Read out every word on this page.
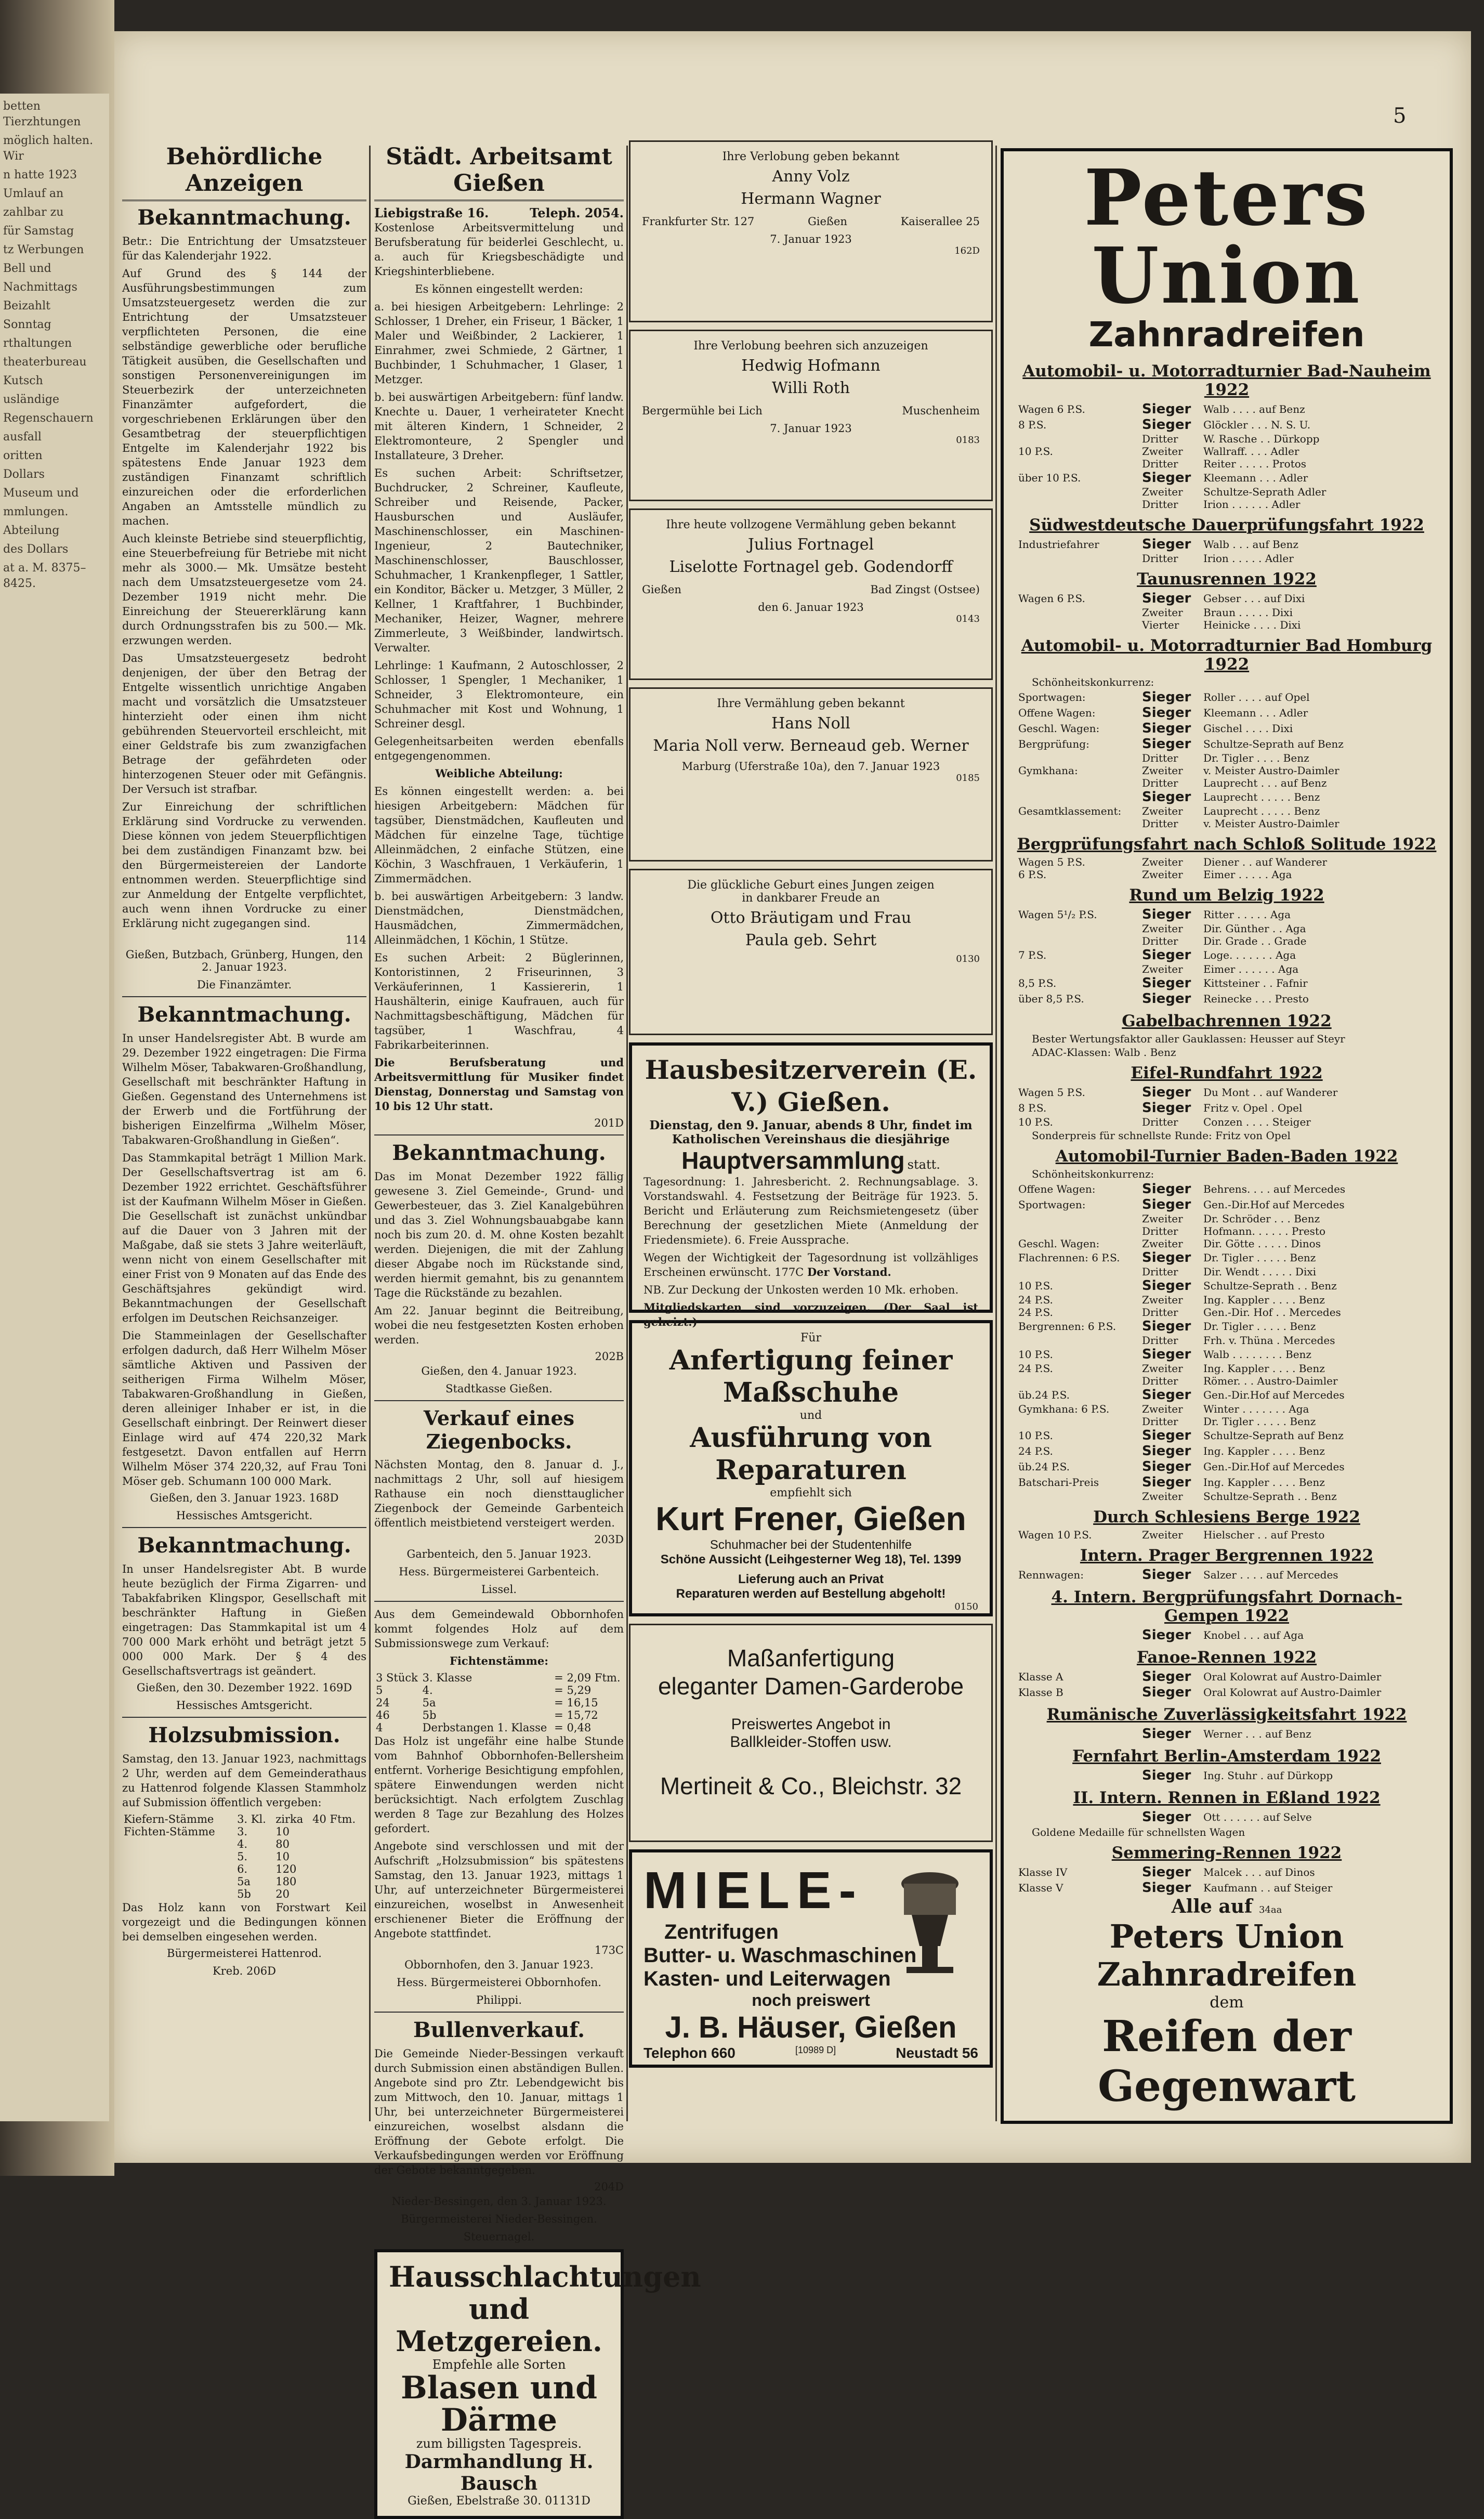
betten Tierzhtungen

möglich halten. Wir

n hatte 1923

Umlauf an

zahlbar zu

für Samstag

tz Werbungen

Bell und

Nachmittags

Beizahlt

Sonntag

rthaltungen

theaterbureau

Kutsch

usländige

Regenschauern

ausfall

oritten

Dollars

Museum und

mmlungen.

Abteilung

des Dollars

at a. M. 8375–8425.

5
Behördliche Anzeigen
Bekanntmachung.

Betr.: Die Entrichtung der Umsatzsteuer für das Kalenderjahr 1922.

Auf Grund des § 144 der Ausführungsbestimmungen zum Umsatzsteuergesetz werden die zur Entrichtung der Umsatzsteuer verpflichteten Personen, die eine selbständige gewerbliche oder berufliche Tätigkeit ausüben, die Gesellschaften und sonstigen Personenvereinigungen im Steuerbezirk der unterzeichneten Finanzämter aufgefordert, die vorgeschriebenen Erklärungen über den Gesamtbetrag der steuerpflichtigen Entgelte im Kalenderjahr 1922 bis spätestens Ende Januar 1923 dem zuständigen Finanzamt schriftlich einzureichen oder die erforderlichen Angaben an Amtsstelle mündlich zu machen.

Auch kleinste Betriebe sind steuerpflichtig, eine Steuerbefreiung für Betriebe mit nicht mehr als 3000.— Mk. Umsätze besteht nach dem Umsatzsteuergesetze vom 24. Dezember 1919 nicht mehr. Die Einreichung der Steuererklärung kann durch Ordnungsstrafen bis zu 500.— Mk. erzwungen werden.

Das Umsatzsteuergesetz bedroht denjenigen, der über den Betrag der Entgelte wissentlich unrichtige Angaben macht und vorsätzlich die Umsatzsteuer hinterzieht oder einen ihm nicht gebührenden Steuervorteil erschleicht, mit einer Geldstrafe bis zum zwanzigfachen Betrage der gefährdeten oder hinterzogenen Steuer oder mit Gefängnis. Der Versuch ist strafbar.

Zur Einreichung der schriftlichen Erklärung sind Vordrucke zu verwenden. Diese können von jedem Steuerpflichtigen bei dem zuständigen Finanzamt bzw. bei den Bürgermeistereien der Landorte entnommen werden. Steuerpflichtige sind zur Anmeldung der Entgelte verpflichtet, auch wenn ihnen Vordrucke zu einer Erklärung nicht zugegangen sind.

114
Gießen, Butzbach, Grünberg, Hungen, den 2. Januar 1923.
Die Finanzämter.
Bekanntmachung.

In unser Handelsregister Abt. B wurde am 29. Dezember 1922 eingetragen: Die Firma Wilhelm Möser, Tabakwaren-Großhandlung, Gesellschaft mit beschränkter Haftung in Gießen. Gegenstand des Unternehmens ist der Erwerb und die Fortführung der bisherigen Einzelfirma „Wilhelm Möser, Tabakwaren-Großhandlung in Gießen“.

Das Stammkapital beträgt 1 Million Mark. Der Gesellschaftsvertrag ist am 6. Dezember 1922 errichtet. Geschäftsführer ist der Kaufmann Wilhelm Möser in Gießen. Die Gesellschaft ist zunächst unkündbar auf die Dauer von 3 Jahren mit der Maßgabe, daß sie stets 3 Jahre weiterläuft, wenn nicht von einem Gesellschafter mit einer Frist von 9 Monaten auf das Ende des Geschäftsjahres gekündigt wird. Bekanntmachungen der Gesellschaft erfolgen im Deutschen Reichsanzeiger.

Die Stammeinlagen der Gesellschafter erfolgen dadurch, daß Herr Wilhelm Möser sämtliche Aktiven und Passiven der seitherigen Firma Wilhelm Möser, Tabakwaren-Großhandlung in Gießen, deren alleiniger Inhaber er ist, in die Gesellschaft einbringt. Der Reinwert dieser Einlage wird auf 474 220,32 Mark festgesetzt. Davon entfallen auf Herrn Wilhelm Möser 374 220,32, auf Frau Toni Möser geb. Schumann 100 000 Mark.

Gießen, den 3. Januar 1923. 168D
Hessisches Amtsgericht.
Bekanntmachung.

In unser Handelsregister Abt. B wurde heute bezüglich der Firma Zigarren- und Tabakfabriken Klingspor, Gesellschaft mit beschränkter Haftung in Gießen eingetragen: Das Stammkapital ist um 4 700 000 Mark erhöht und beträgt jetzt 5 000 000 Mark. Der § 4 des Gesellschaftsvertrags ist geändert.

Gießen, den 30. Dezember 1922. 169D
Hessisches Amtsgericht.
Holzsubmission.

Samstag, den 13. Januar 1923, nachmittags 2 Uhr, werden auf dem Gemeinderathaus zu Hattenrod folgende Klassen Stammholz auf Submission öffentlich vergeben:

Kiefern-Stämme	3. Kl.	zirka	40 Ftm.
Fichten-Stämme	3.	10	
	4.	80	
	5.	10	
	6.	120	
	5a	180	
	5b	20	

Das Holz kann von Forstwart Keil vorgezeigt und die Bedingungen können bei demselben eingesehen werden.

Bürgermeisterei Hattenrod.
Kreb. 206D
Städt. Arbeitsamt Gießen
Liebigstraße 16.	Teleph. 2054.

Kostenlose Arbeitsvermittelung und Berufsberatung für beiderlei Geschlecht, u. a. auch für Kriegsbeschädigte und Kriegshinterbliebene.

Es können eingestellt werden:

a. bei hiesigen Arbeitgebern: Lehrlinge: 2 Schlosser, 1 Dreher, ein Friseur, 1 Bäcker, 1 Maler und Weißbinder, 2 Lackierer, 1 Einrahmer, zwei Schmiede, 2 Gärtner, 1 Buchbinder, 1 Schuhmacher, 1 Glaser, 1 Metzger.

b. bei auswärtigen Arbeitgebern: fünf landw. Knechte u. Dauer, 1 verheirateter Knecht mit älteren Kindern, 1 Schneider, 2 Elektromonteure, 2 Spengler und Installateure, 3 Dreher.

Es suchen Arbeit: Schriftsetzer, Buchdrucker, 2 Schreiner, Kaufleute, Schreiber und Reisende, Packer, Hausburschen und Ausläufer, Maschinenschlosser, ein Maschinen-Ingenieur, 2 Bautechniker, Maschinenschlosser, Bauschlosser, Schuhmacher, 1 Krankenpfleger, 1 Sattler, ein Konditor, Bäcker u. Metzger, 3 Müller, 2 Kellner, 1 Kraftfahrer, 1 Buchbinder, Mechaniker, Heizer, Wagner, mehrere Zimmerleute, 3 Weißbinder, landwirtsch. Verwalter.

Lehrlinge: 1 Kaufmann, 2 Autoschlosser, 2 Schlosser, 1 Spengler, 1 Mechaniker, 1 Schneider, 3 Elektromonteure, ein Schuhmacher mit Kost und Wohnung, 1 Schreiner desgl.

Gelegenheitsarbeiten werden ebenfalls entgegengenommen.

Weibliche Abteilung:

Es können eingestellt werden: a. bei hiesigen Arbeitgebern: Mädchen für tagsüber, Dienstmädchen, Kaufleuten und Mädchen für einzelne Tage, tüchtige Alleinmädchen, 2 einfache Stützen, eine Köchin, 3 Waschfrauen, 1 Verkäuferin, 1 Zimmermädchen.

b. bei auswärtigen Arbeitgebern: 3 landw. Dienstmädchen, Dienstmädchen, Hausmädchen, Zimmermädchen, Alleinmädchen, 1 Köchin, 1 Stütze.

Es suchen Arbeit: 2 Büglerinnen, Kontoristinnen, 2 Friseurinnen, 3 Verkäuferinnen, 1 Kassiererin, 1 Haushälterin, einige Kaufrauen, auch für Nachmittagsbeschäftigung, Mädchen für tagsüber, 1 Waschfrau, 4 Fabrikarbeiterinnen.

Die Berufsberatung und Arbeitsvermittlung für Musiker findet Dienstag, Donnerstag und Samstag von 10 bis 12 Uhr statt.

201D
Bekanntmachung.

Das im Monat Dezember 1922 fällig gewesene 3. Ziel Gemeinde-, Grund- und Gewerbesteuer, das 3. Ziel Kanalgebühren und das 3. Ziel Wohnungsbauabgabe kann noch bis zum 20. d. M. ohne Kosten bezahlt werden. Diejenigen, die mit der Zahlung dieser Abgabe noch im Rückstande sind, werden hiermit gemahnt, bis zu genanntem Tage die Rückstände zu bezahlen.

Am 22. Januar beginnt die Beitreibung, wobei die neu festgesetzten Kosten erhoben werden.

202B
Gießen, den 4. Januar 1923.
Stadtkasse Gießen.
Verkauf eines Ziegenbocks.

Nächsten Montag, den 8. Januar d. J., nachmittags 2 Uhr, soll auf hiesigem Rathause ein noch diensttauglicher Ziegenbock der Gemeinde Garbenteich öffentlich meistbietend versteigert werden.

203D
Garbenteich, den 5. Januar 1923.
Hess. Bürgermeisterei Garbenteich.
Lissel.

Aus dem Gemeindewald Obbornhofen kommt folgendes Holz auf dem Submissionswege zum Verkauf:

Fichtenstämme:

3 Stück	3. Klasse	=	2,09 Ftm.
5	4.	=	5,29
24	5a	=	16,15
46	5b	=	15,72
4	Derbstangen 1. Klasse	=	0,48

Das Holz ist ungefähr eine halbe Stunde vom Bahnhof Obbornhofen-Bellersheim entfernt. Vorherige Besichtigung empfohlen, spätere Einwendungen werden nicht berücksichtigt. Nach erfolgtem Zuschlag werden 8 Tage zur Bezahlung des Holzes gefordert.

Angebote sind verschlossen und mit der Aufschrift „Holzsubmission“ bis spätestens Samstag, den 13. Januar 1923, mittags 1 Uhr, auf unterzeichneter Bürgermeisterei einzureichen, woselbst in Anwesenheit erschienener Bieter die Eröffnung der Angebote stattfindet.

173C
Obbornhofen, den 3. Januar 1923.
Hess. Bürgermeisterei Obbornhofen.
Philippi.
Bullenverkauf.

Die Gemeinde Nieder-Bessingen verkauft durch Submission einen abständigen Bullen. Angebote sind pro Ztr. Lebendgewicht bis zum Mittwoch, den 10. Januar, mittags 1 Uhr, bei unterzeichneter Bürgermeisterei einzureichen, woselbst alsdann die Eröffnung der Gebote erfolgt. Die Verkaufsbedingungen werden vor Eröffnung der Gebote bekanntgegeben.

204D
Nieder-Bessingen, den 3. Januar 1923.
Bürgermeisterei Nieder-Bessingen.
Steuernagel.
Hausschlachtungen
und Metzgereien.
Empfehle alle Sorten
Blasen und Därme
zum billigsten Tagespreis.
Darmhandlung H. Bausch
Gießen, Ebelstraße 30. 01131D
Ihre Verlobung geben bekannt
Anny Volz
Hermann Wagner
Frankfurter Str. 127	Gießen	Kaiserallee 25
7. Januar 1923
162D
Ihre Verlobung beehren sich anzuzeigen
Hedwig Hofmann
Willi Roth
Bergermühle bei Lich	Muschenheim
7. Januar 1923
0183
Ihre heute vollzogene Vermählung geben bekannt
Julius Fortnagel
Liselotte Fortnagel geb. Godendorff
Gießen	Bad Zingst (Ostsee)
den 6. Januar 1923
0143
Ihre Vermählung geben bekannt
Hans Noll
Maria Noll verw. Berneaud geb. Werner
Marburg (Uferstraße 10a), den 7. Januar 1923
0185
Die glückliche Geburt eines Jungen zeigen
in dankbarer Freude an
Otto Bräutigam und Frau
Paula geb. Sehrt
0130
Hausbesitzerverein (E. V.) Gießen.
Dienstag, den 9. Januar, abends 8 Uhr, findet im Katholischen Vereinshaus die diesjährige
Hauptversammlung statt.

Tagesordnung: 1. Jahresbericht. 2. Rechnungsablage. 3. Vorstandswahl. 4. Festsetzung der Beiträge für 1923. 5. Bericht und Erläuterung zum Reichsmietengesetz (über Berechnung der gesetzlichen Miete (Anmeldung der Friedensmiete). 6. Freie Aussprache.

Wegen der Wichtigkeit der Tagesordnung ist vollzähliges Erscheinen erwünscht. 177C Der Vorstand.

NB. Zur Deckung der Unkosten werden 10 Mk. erhoben.

Mitgliedskarten sind vorzuzeigen. (Der Saal ist geheizt.)

Für
Anfertigung feiner Maßschuhe
und
Ausführung von Reparaturen
empfiehlt sich
Kurt Frener, Gießen
Schuhmacher bei der Studentenhilfe
Schöne Aussicht (Leihgesterner Weg 18), Tel. 1399
Lieferung auch an Privat
Reparaturen werden auf Bestellung abgeholt!
0150
Maßanfertigung
eleganter Damen-Garderobe
Preiswertes Angebot in
Ballkleider-Stoffen usw.
Mertineit & Co., Bleichstr. 32
MIELE-
Zentrifugen
Butter- u. Waschmaschinen
Kasten- und Leiterwagen
noch preiswert
J. B. Häuser, Gießen
Telephon 660	[10989 D]	Neustadt 56
Peters Union
Zahnradreifen
Automobil- u. Motorradturnier Bad-Nauheim 1922
Wagen 6 P.S.	Sieger	Walb . . . . auf Benz
8 P.S.	Sieger	Glöckler . . . N. S. U.
	Dritter	W. Rasche . . Dürkopp
10 P.S.	Zweiter	Wallraff. . . . Adler
	Dritter	Reiter . . . . . Protos
über 10 P.S.	Sieger	Kleemann . . . Adler
	Zweiter	Schultze-Seprath Adler
	Dritter	Irion . . . . . . Adler
Südwestdeutsche Dauerprüfungsfahrt 1922
Industriefahrer	Sieger	Walb . . . auf Benz
	Dritter	Irion . . . . . Adler
Taunusrennen 1922
Wagen 6 P.S.	Sieger	Gebser . . . auf Dixi
	Zweiter	Braun . . . . . Dixi
	Vierter	Heinicke . . . . Dixi
Automobil- u. Motorradturnier Bad Homburg 1922
Schönheitskonkurrenz:
Sportwagen:	Sieger	Roller . . . . auf Opel
Offene Wagen:	Sieger	Kleemann . . . Adler
Geschl. Wagen:	Sieger	Gischel . . . . Dixi
Bergprüfung:	Sieger	Schultze-Seprath auf Benz
	Dritter	Dr. Tigler . . . . Benz
Gymkhana:	Zweiter	v. Meister Austro-Daimler
	Dritter	Lauprecht . . . auf Benz
	Sieger	Lauprecht . . . . . Benz
Gesamtklassement:	Zweiter	Lauprecht . . . . . Benz
	Dritter	v. Meister Austro-Daimler
Bergprüfungsfahrt nach Schloß Solitude 1922
Wagen 5 P.S.	Zweiter	Diener . . auf Wanderer
6 P.S.	Zweiter	Eimer . . . . . Aga
Rund um Belzig 1922
Wagen 5¹/₂ P.S.	Sieger	Ritter . . . . . Aga
	Zweiter	Dir. Günther . . Aga
	Dritter	Dir. Grade . . Grade
7 P.S.	Sieger	Loge. . . . . . . Aga
	Zweiter	Eimer . . . . . . Aga
8,5 P.S.	Sieger	Kittsteiner . . Fafnir
über 8,5 P.S.	Sieger	Reinecke . . . Presto
Gabelbachrennen 1922
Bester Wertungsfaktor aller Gauklassen: Heusser auf Steyr
ADAC-Klassen: Walb . Benz
Eifel-Rundfahrt 1922
Wagen 5 P.S.	Sieger	Du Mont . . auf Wanderer
8 P.S.	Sieger	Fritz v. Opel . Opel
10 P.S.	Dritter	Conzen . . . . Steiger
Sonderpreis für schnellste Runde: Fritz von Opel
Automobil-Turnier Baden-Baden 1922
Schönheitskonkurrenz:
Offene Wagen:	Sieger	Behrens. . . . auf Mercedes
Sportwagen:	Sieger	Gen.-Dir.Hof auf Mercedes
	Zweiter	Dr. Schröder . . . Benz
	Dritter	Hofmann. . . . . . Presto
Geschl. Wagen:	Zweiter	Dir. Götte . . . . . Dinos
Flachrennen: 6 P.S.	Sieger	Dr. Tigler . . . . . Benz
	Dritter	Dir. Wendt . . . . . Dixi
10 P.S.	Sieger	Schultze-Seprath . . Benz
24 P.S.	Zweiter	Ing. Kappler . . . . Benz
24 P.S.	Dritter	Gen.-Dir. Hof . . Mercedes
Bergrennen: 6 P.S.	Sieger	Dr. Tigler . . . . . Benz
	Dritter	Frh. v. Thüna . Mercedes
10 P.S.	Sieger	Walb . . . . . . . . Benz
24 P.S.	Zweiter	Ing. Kappler . . . . Benz
	Dritter	Römer. . . Austro-Daimler
üb.24 P.S.	Sieger	Gen.-Dir.Hof auf Mercedes
Gymkhana: 6 P.S.	Zweiter	Winter . . . . . . . Aga
	Dritter	Dr. Tigler . . . . . Benz
10 P.S.	Sieger	Schultze-Seprath auf Benz
24 P.S.	Sieger	Ing. Kappler . . . . Benz
üb.24 P.S.	Sieger	Gen.-Dir.Hof auf Mercedes
Batschari-Preis	Sieger	Ing. Kappler . . . . Benz
	Zweiter	Schultze-Seprath . . Benz
Durch Schlesiens Berge 1922
Wagen 10 P.S.	Zweiter	Hielscher . . auf Presto
Intern. Prager Bergrennen 1922
Rennwagen:	Sieger	Salzer . . . . auf Mercedes
4. Intern. Bergprüfungsfahrt Dornach-Gempen 1922
	Sieger	Knobel . . . auf Aga
Fanoe-Rennen 1922
Klasse A	Sieger	Oral Kolowrat auf Austro-Daimler
Klasse B	Sieger	Oral Kolowrat auf Austro-Daimler
Rumänische Zuverlässigkeitsfahrt 1922
	Sieger	Werner . . . auf Benz
Fernfahrt Berlin-Amsterdam 1922
	Sieger	Ing. Stuhr . auf Dürkopp
II. Intern. Rennen in Eßland 1922
	Sieger	Ott . . . . . . auf Selve
Goldene Medaille für schnellsten Wagen
Semmering-Rennen 1922
Klasse IV	Sieger	Malcek . . . auf Dinos
Klasse V	Sieger	Kaufmann . . auf Steiger
Alle auf 34aa
Peters Union Zahnradreifen
dem
Reifen der Gegenwart
